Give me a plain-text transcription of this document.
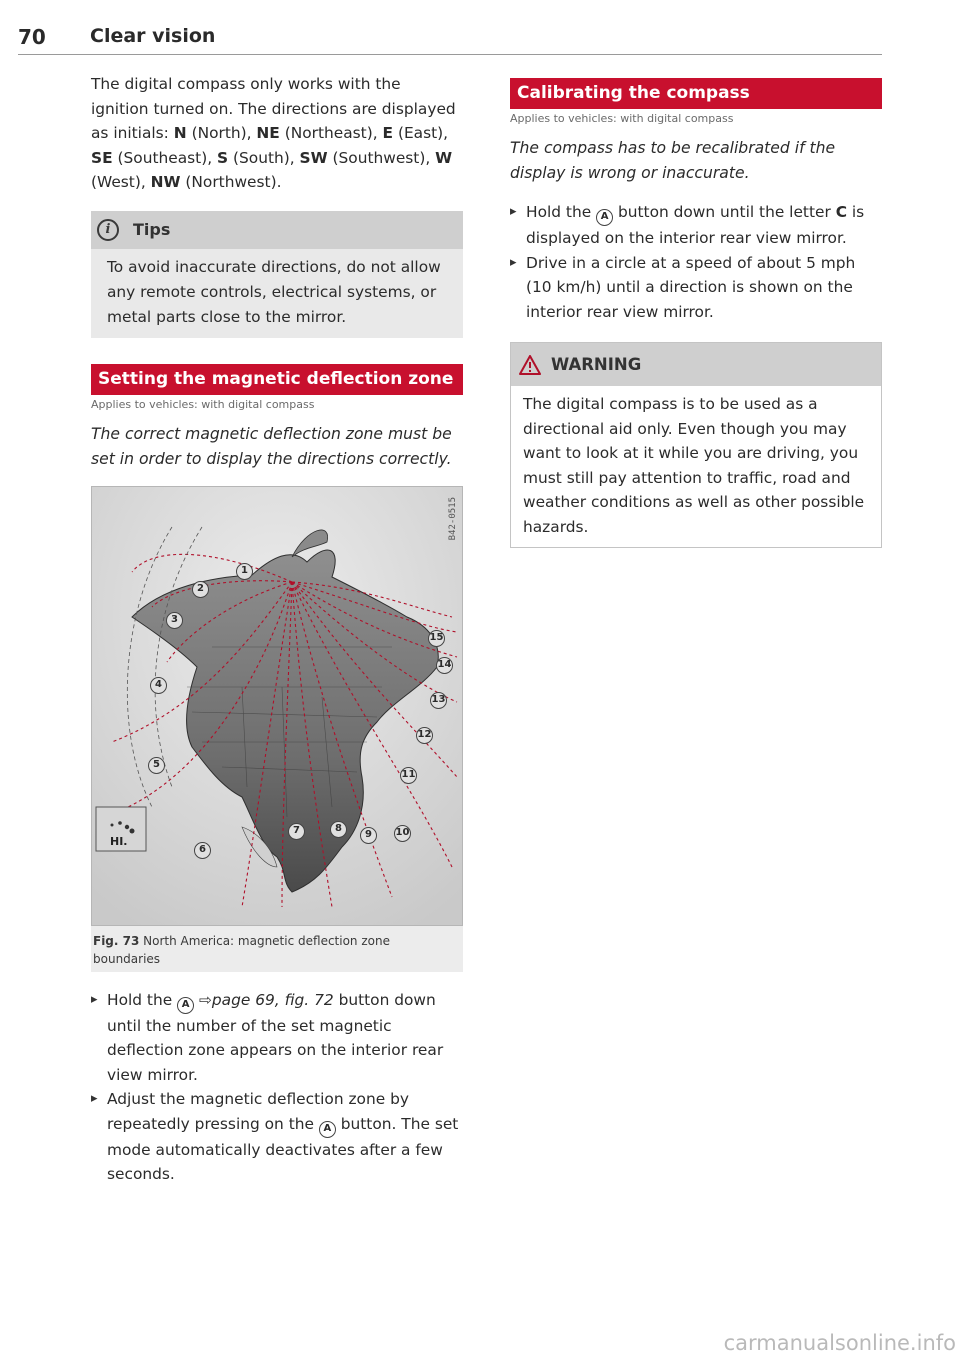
70 Clear vision

The digital compass only works with the ignition turned on. The directions are displayed as initials: N (North), NE (Northeast), E (East), SE (Southeast), S (South), SW (Southwest), W (West), NW (Northwest).

i	Tips
To avoid inaccurate directions, do not allow any remote controls, electrical systems, or metal parts close to the mirror.
Setting the magnetic deflection zone
Applies to vehicles: with digital compass

The correct magnetic deflection zone must be set in order to display the directions correctly.

B42-0515
HI.
1
2
3
4
5
6
7	8
9	10
11
12
13
14
15
Fig. 73 North America: magnetic deflection zone boundaries
▸ Hold the A ⇨page 69, fig. 72 button down until the number of the set magnetic deflection zone appears on the interior rear view mirror.
▸ Adjust the magnetic deflection zone by repeatedly pressing on the A button. The set mode automatically deactivates after a few seconds.
Calibrating the compass
Applies to vehicles: with digital compass

The compass has to be recalibrated if the display is wrong or inaccurate.

▸ Hold the A button down until the letter C is displayed on the interior rear view mirror.
▸ Drive in a circle at a speed of about 5 mph (10 km/h) until a direction is shown on the interior rear view mirror.
WARNING
The digital compass is to be used as a directional aid only. Even though you may want to look at it while you are driving, you must still pay attention to traffic, road and weather conditions as well as other possible hazards.
carmanualsonline.info
